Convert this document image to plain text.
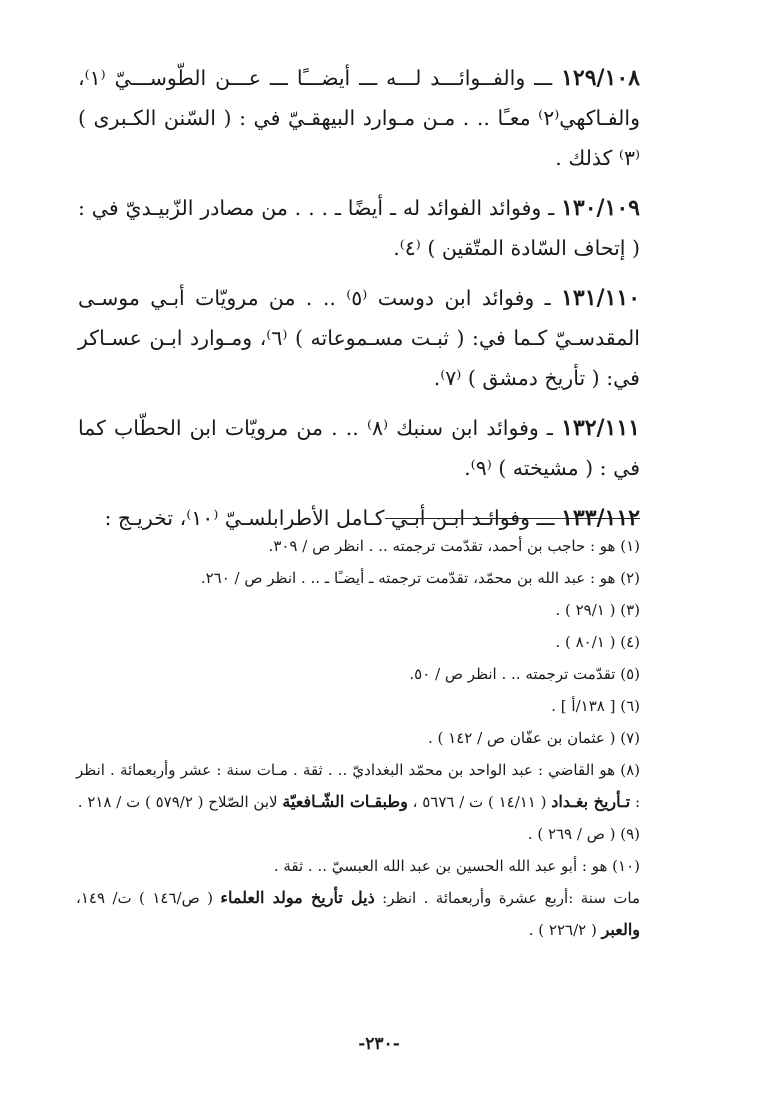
١٢٩/١٠٨ ـــ والفــوائـــد لـــه ـــ أيضـــًا ـــ عـــن الطّوســـيّ ⁽١⁾، والفـاكهي⁽٢⁾ معـًا .. . مـن مـوارد البيهقـيّ في : ( السّنن الكـبرى ) ⁽٣⁾ كذلك .

١٣٠/١٠٩ ـ وفوائد الفوائد له ـ أيضًا ـ . . . من مصادر الزّبيـديّ في : ( إتحاف السّادة المتّقين ) ⁽٤⁾.

١٣١/١١٠ ـ وفوائد ابن دوست ⁽٥⁾ .. . من مرويّات أبـي موسـى المقدسـيّ كـما في: ( ثبـت مسـموعاته ) ⁽٦⁾، ومـوارد ابـن عسـاكر في: ( تأريخ دمشق ) ⁽٧⁾.

١٣٢/١١١ ـ وفوائد ابن سنبك ⁽٨⁾ .. . من مرويّات ابن الحطّاب كما في : ( مشيخته ) ⁽٩⁾.

١٣٣/١١٢ ـــ وفوائـد ابـن أبـي كـامل الأطرابلسـيّ ⁽١٠⁾، تخريـج :

(١) هو : حاجب بن أحمد، تقدّمت ترجمته .. . انظر ص / ٣٠٩.

(٢) هو : عبد الله بن محمّد، تقدّمت ترجمته ـ أيضـًا ـ .. . انظر ص / ٢٦٠.

(٣) ( ٢٩/١ ) .

(٤) ( ٨٠/١ ) .

(٥) تقدّمت ترجمته .. . انظر ص / ٥٠.

(٦) [ ١٣٨/أ ] .

(٧) ( عثمان بن عفّان ص / ١٤٢ ) .

(٨) هو القاضي : عبد الواحد بن محمّد البغداديّ .. . ثقة . مـات سنة : عشر وأربعمائة . انظر : تـأريخ بغـداد ( ١٤/١١ ) ت / ٥٦٧٦ ، وطبقـات الشّـافعيّة لابن الصّلاح ( ٥٧٩/٢ ) ت / ٢١٨ .

(٩) ( ص / ٢٦٩ ) .

(١٠) هو : أبو عبد الله الحسين بن عبد الله العبسيّ .. . ثقة .

مات سنة :أربع عشرة وأربعمائة . انظر: ذيل تأريخ مولد العلماء ( ص/١٤٦ ) ت/ ١٤٩، والعبر ( ٢٢٦/٢ ) .

-٢٣٠-
